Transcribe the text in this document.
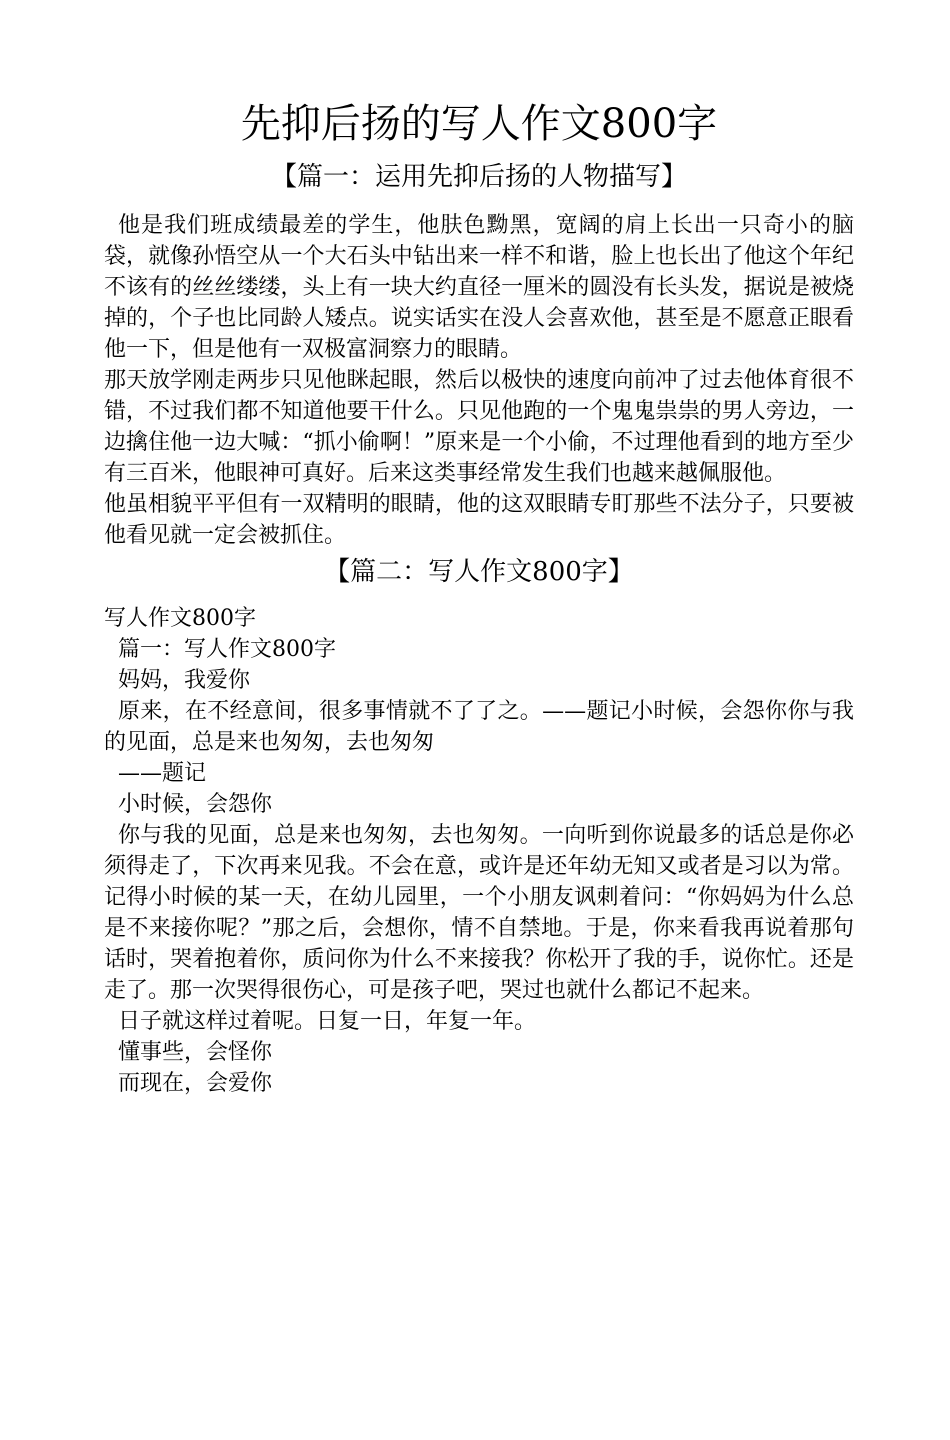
先抑后扬的写人作文800字
【篇一：运用先抑后扬的人物描写】

他是我们班成绩最差的学生，他肤色黝黑，宽阔的肩上长出一只奇小的脑袋，就像孙悟空从一个大石头中钻出来一样不和谐，脸上也长出了他这个年纪不该有的丝丝缕缕，头上有一块大约直径一厘米的圆没有长头发，据说是被烧掉的，个子也比同龄人矮点。说实话实在没人会喜欢他，甚至是不愿意正眼看他一下，但是他有一双极富洞察力的眼睛。

那天放学刚走两步只见他眯起眼，然后以极快的速度向前冲了过去他体育很不错，不过我们都不知道他要干什么。只见他跑的一个鬼鬼祟祟的男人旁边，一边擒住他一边大喊：“抓小偷啊！”原来是一个小偷，不过理他看到的地方至少有三百米，他眼神可真好。后来这类事经常发生我们也越来越佩服他。

他虽相貌平平但有一双精明的眼睛，他的这双眼睛专盯那些不法分子，只要被他看见就一定会被抓住。

【篇二：写人作文800字】

写人作文800字

篇一：写人作文800字

妈妈，我爱你

原来，在不经意间，很多事情就不了了之。——题记小时候，会怨你你与我的见面，总是来也匆匆，去也匆匆

——题记

小时候，会怨你

你与我的见面，总是来也匆匆，去也匆匆。一向听到你说最多的话总是你必须得走了，下次再来见我。不会在意，或许是还年幼无知又或者是习以为常。记得小时候的某一天，在幼儿园里，一个小朋友讽刺着问：“你妈妈为什么总是不来接你呢？”那之后，会想你，情不自禁地。于是，你来看我再说着那句话时，哭着抱着你，质问你为什么不来接我？你松开了我的手，说你忙。还是走了。那一次哭得很伤心，可是孩子吧，哭过也就什么都记不起来。

日子就这样过着呢。日复一日，年复一年。

懂事些，会怪你

而现在，会爱你
